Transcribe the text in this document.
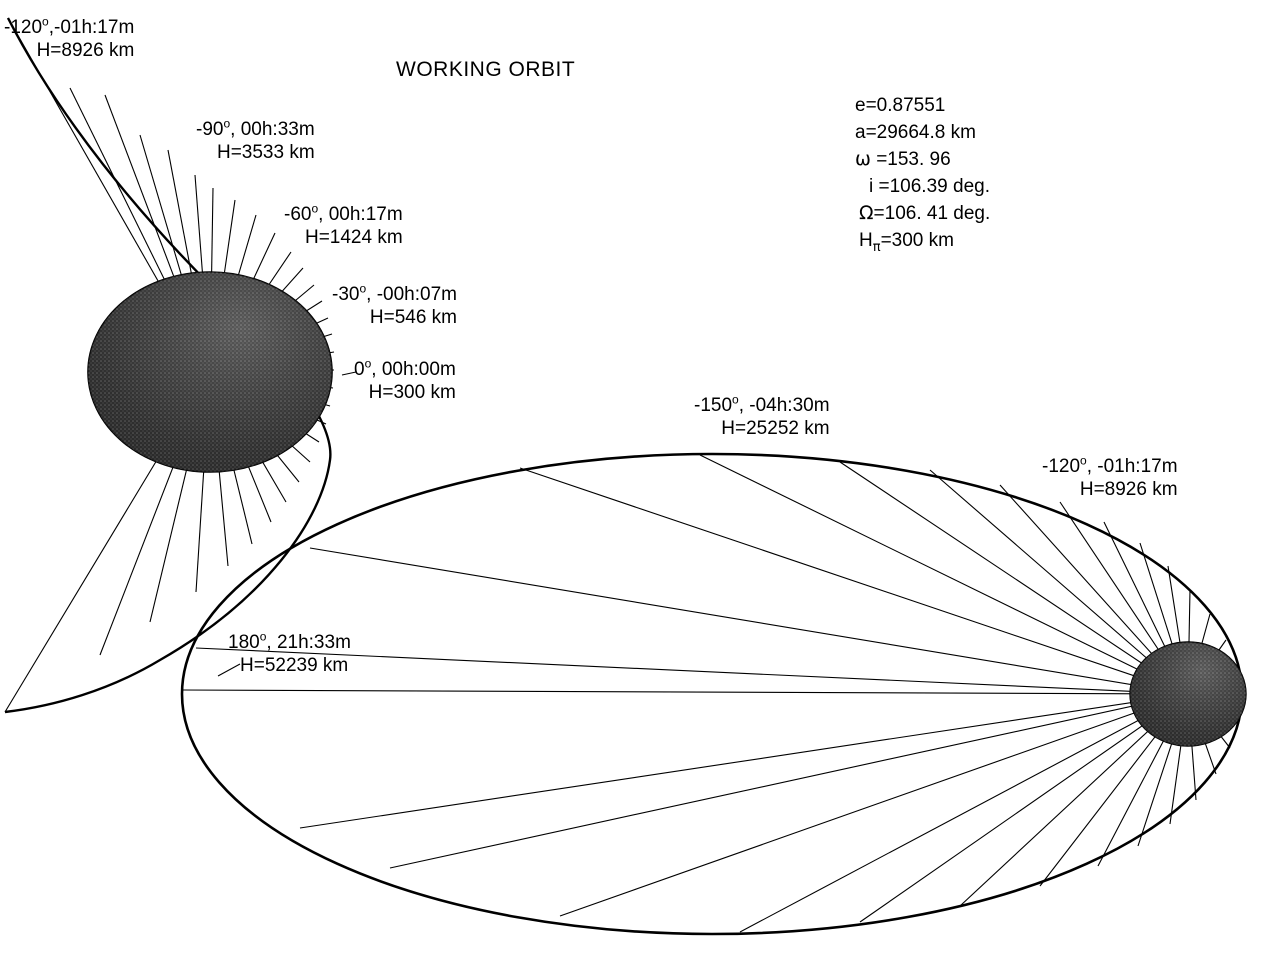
WORKING ORBIT
e=0.87551
a=29664.8 km
ω =153. 96
i =106.39 deg.
Ω=106. 41 deg.
$H_\pi=300$ km
-120$^o$,-01h:17m
H=8926 km
-90$^o$, 00h:33m
H=3533 km
-60$^o$, 00h:17m
H=1424 km
-30$^o$, -00h:07m
H=546 km
0$^o$, 00h:00m
H=300 km
-150$^o$, -04h:30m
H=25252 km
-120$^o$, -01h:17m
H=8926 km
180$^o$, 21h:33m
H=52239 km
